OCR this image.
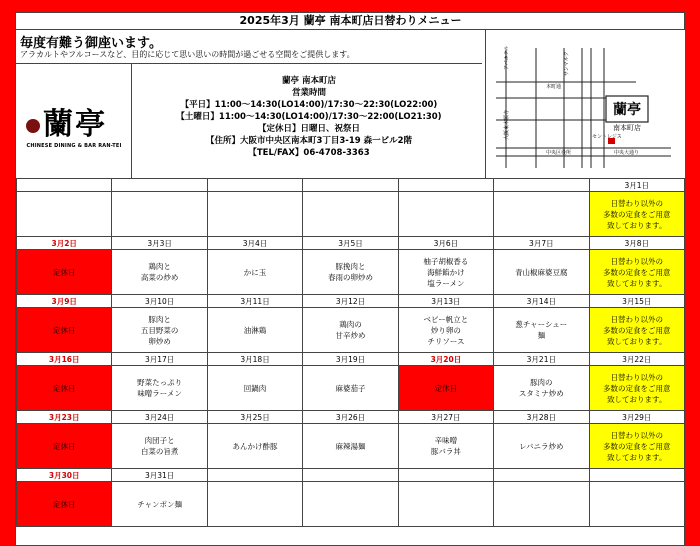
2025年3月 蘭亭 南本町店日替わりメニュー
毎度有難う御座います。
アラカルトやフルコースなど、目的に応じて思い思いの時間が過ごせる空間をご提供します。
蘭亭
CHINESE DINING & BAR RAN-TEI
蘭亭 南本町店
営業時間
【平日】11:00～14:30(LO14:00)/17:30～22:30(LO22:00)
【土曜日】11:00～14:30(LO14:00)/17:30～22:00(LO21:30)
【定休日】日曜日、祝祭日
【住所】大阪市中央区南本町3丁目3-19 森一ビル2階
【TEL/FAX】06-4708-3363
蘭亭
南本町店
アパホテル
本町通
中央大通り
セントレジス
中央区役所
サンマルク
大阪東本願寺
						3月1日
						日替わり以外の
多数の定食をご用意
致しております。
3月2日	3月3日	3月4日	3月5日	3月6日	3月7日	3月8日
定休日	鶏肉と
高菜の炒め	かに玉	豚挽肉と
春雨の卵炒め	柚子胡椒香る
海鮮餡かけ
塩ラーメン	青山椒麻婆豆腐	日替わり以外の
多数の定食をご用意
致しております。
3月9日	3月10日	3月11日	3月12日	3月13日	3月14日	3月15日
定休日	豚肉と
五目野菜の
卵炒め	油淋鶏	鶏肉の
甘辛炒め	ベビー帆立と
炒り卵の
チリソース	葱チャーシュー
麺	日替わり以外の
多数の定食をご用意
致しております。
3月16日	3月17日	3月18日	3月19日	3月20日	3月21日	3月22日
定休日	野菜たっぷり
味噌ラーメン	回鍋肉	麻婆茄子	定休日	豚肉の
スタミナ炒め	日替わり以外の
多数の定食をご用意
致しております。
3月23日	3月24日	3月25日	3月26日	3月27日	3月28日	3月29日
定休日	肉団子と
白菜の旨煮	あんかけ酢豚	麻辣湯麺	辛味噌
豚バラ丼	レバニラ炒め	日替わり以外の
多数の定食をご用意
致しております。
3月30日	3月31日					
定休日	チャンポン麺					
